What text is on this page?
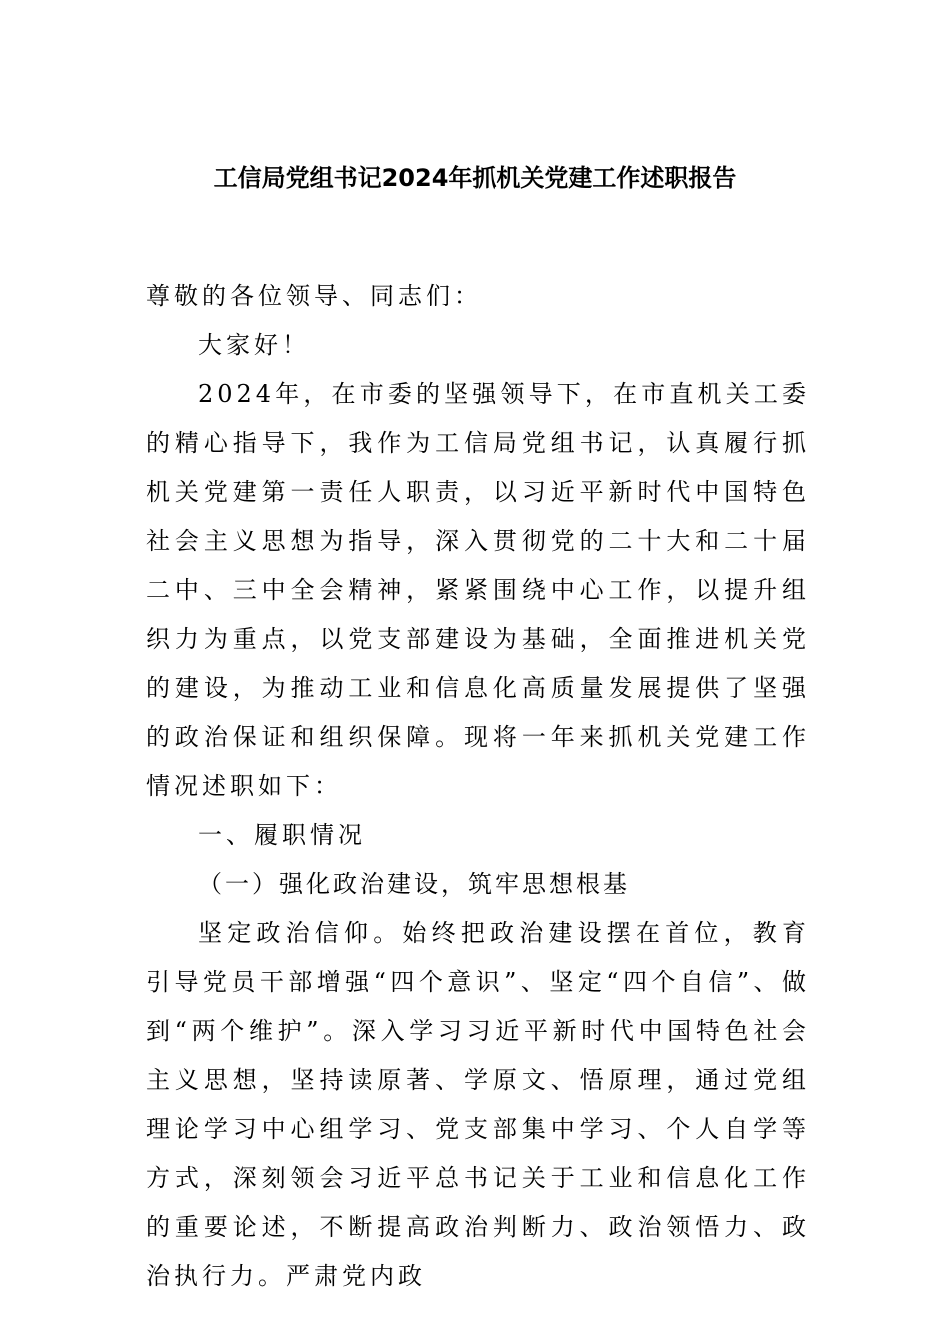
工信局党组书记2024年抓机关党建工作述职报告

尊敬的各位领导、同志们：

大家好！

2024年，在市委的坚强领导下，在市直机关工委的精心指导下，我作为工信局党组书记，认真履行抓机关党建第一责任人职责，以习近平新时代中国特色社会主义思想为指导，深入贯彻党的二十大和二十届二中、三中全会精神，紧紧围绕中心工作，以提升组织力为重点，以党支部建设为基础，全面推进机关党的建设，为推动工业和信息化高质量发展提供了坚强的政治保证和组织保障。现将一年来抓机关党建工作情况述职如下：

一、履职情况

（一）强化政治建设，筑牢思想根基

坚定政治信仰。始终把政治建设摆在首位，教育引导党员干部增强“四个意识”、坚定“四个自信”、做到“两个维护”。深入学习习近平新时代中国特色社会主义思想，坚持读原著、学原文、悟原理，通过党组理论学习中心组学习、党支部集中学习、个人自学等方式，深刻领会习近平总书记关于工业和信息化工作的重要论述，不断提高政治判断力、政治领悟力、政治执行力。严肃党内政
